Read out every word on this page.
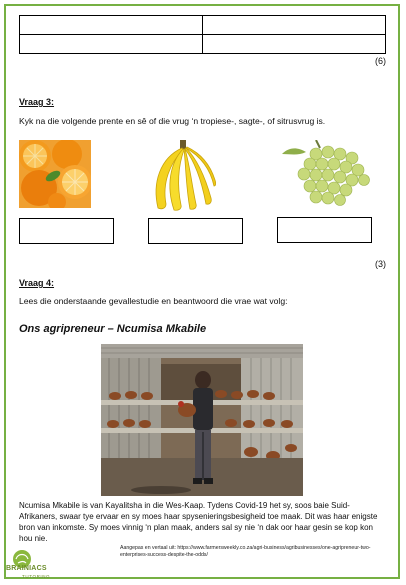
(6)
Vraag 3:
Kyk na die volgende prente en sê of die vrug ‘n tropiese-, sagte-, of sitrusvrug is.
(3)
Vraag 4:
Lees die onderstaande gevallestudie en beantwoord die vrae wat volg:
Ons agripreneur – Ncumisa Mkabile
Ncumisa Mkabile is van Kayalitsha in die Wes-Kaap. Tydens Covid-19 het sy, soos baie Suid-Afrikaners, swaar tye ervaar en sy moes haar spysenieringsbesigheid toe maak. Dit was haar enigste bron van inkomste. Sy moes vinnig ‘n plan maak, anders sal sy nie ‘n dak oor haar gesin se kop kon hou nie.
BRAINIACS
TUTORING
Aangepas en vertaal uit: https://www.farmersweekly.co.za/agri-business/agribusinesses/one-agripreneur-two-enterprises-success-despite-the-odds/
